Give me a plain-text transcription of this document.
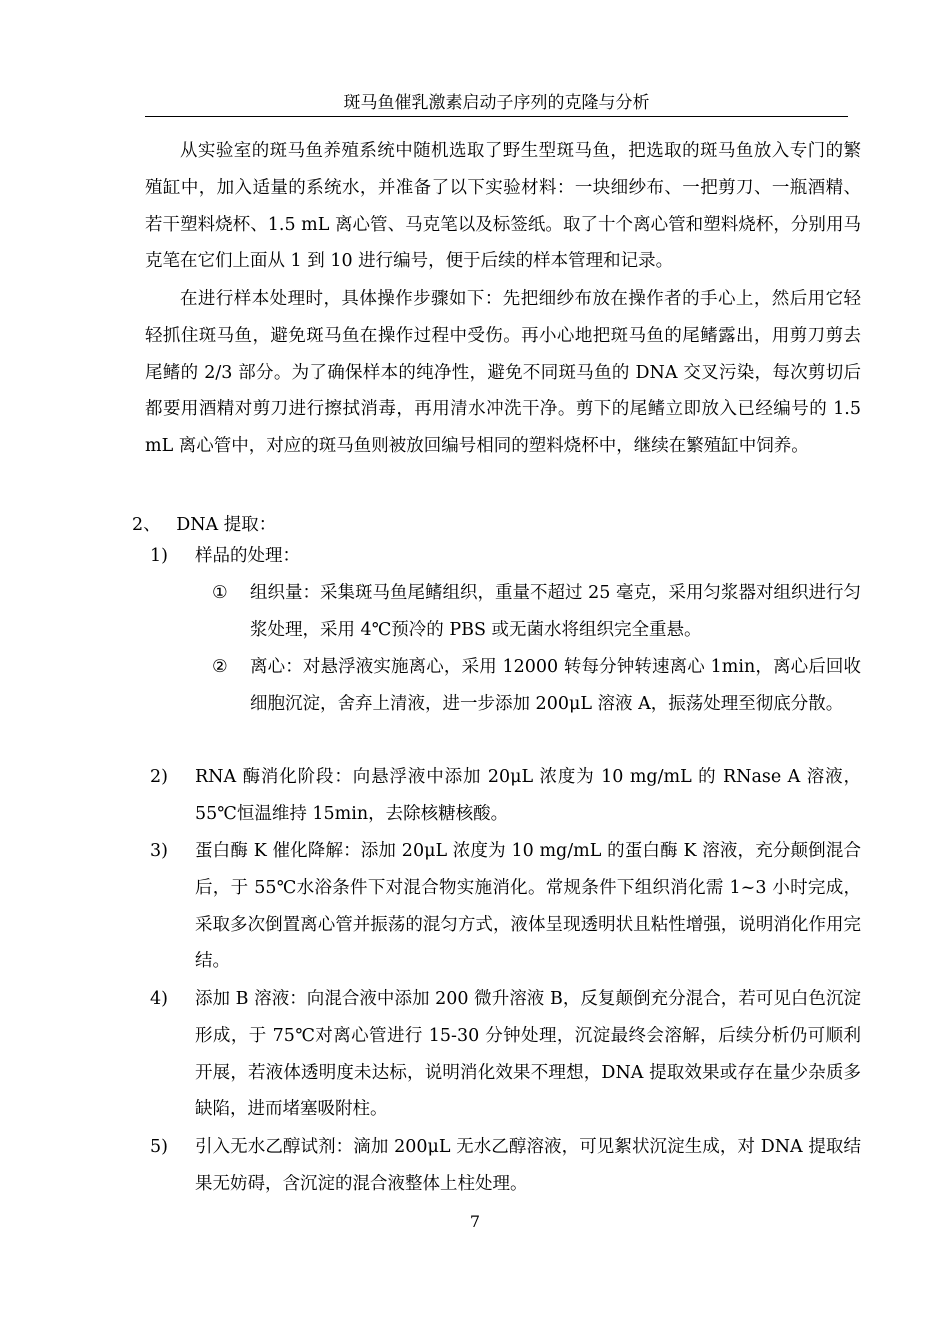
斑马鱼催乳激素启动子序列的克隆与分析

从实验室的斑马鱼养殖系统中随机选取了野生型斑马鱼，把选取的斑马鱼放入专门的繁殖缸中，加入适量的系统水，并准备了以下实验材料：一块细纱布、一把剪刀、一瓶酒精、若干塑料烧杯、1.5 mL 离心管、马克笔以及标签纸。取了十个离心管和塑料烧杯，分别用马克笔在它们上面从 1 到 10 进行编号，便于后续的样本管理和记录。

在进行样本处理时，具体操作步骤如下：先把细纱布放在操作者的手心上，然后用它轻轻抓住斑马鱼，避免斑马鱼在操作过程中受伤。再小心地把斑马鱼的尾鳍露出，用剪刀剪去尾鳍的 2/3 部分。为了确保样本的纯净性，避免不同斑马鱼的 DNA 交叉污染，每次剪切后都要用酒精对剪刀进行擦拭消毒，再用清水冲洗干净。剪下的尾鳍立即放入已经编号的 1.5 mL 离心管中，对应的斑马鱼则被放回编号相同的塑料烧杯中，继续在繁殖缸中饲养。

2、 DNA 提取：
1)	样品的处理：
①	组织量：采集斑马鱼尾鳍组织，重量不超过 25 毫克，采用匀浆器对组织进行匀浆处理，采用 4℃预冷的 PBS 或无菌水将组织完全重悬。
②	离心：对悬浮液实施离心，采用 12000 转每分钟转速离心 1min，离心后回收细胞沉淀，舍弃上清液，进一步添加 200μL 溶液 A，振荡处理至彻底分散。
2)	RNA 酶消化阶段：向悬浮液中添加 20μL 浓度为 10 mg/mL 的 RNase A 溶液，55℃恒温维持 15min，去除核糖核酸。
3)	蛋白酶 K 催化降解：添加 20μL 浓度为 10 mg/mL 的蛋白酶 K 溶液，充分颠倒混合后，于 55℃水浴条件下对混合物实施消化。常规条件下组织消化需 1~3 小时完成，采取多次倒置离心管并振荡的混匀方式，液体呈现透明状且粘性增强，说明消化作用完结。
4)	添加 B 溶液：向混合液中添加 200 微升溶液 B，反复颠倒充分混合，若可见白色沉淀形成，于 75℃对离心管进行 15-30 分钟处理，沉淀最终会溶解，后续分析仍可顺利开展，若液体透明度未达标，说明消化效果不理想，DNA 提取效果或存在量少杂质多缺陷，进而堵塞吸附柱。
5)	引入无水乙醇试剂：滴加 200μL 无水乙醇溶液，可见絮状沉淀生成，对 DNA 提取结果无妨碍，含沉淀的混合液整体上柱处理。
7
